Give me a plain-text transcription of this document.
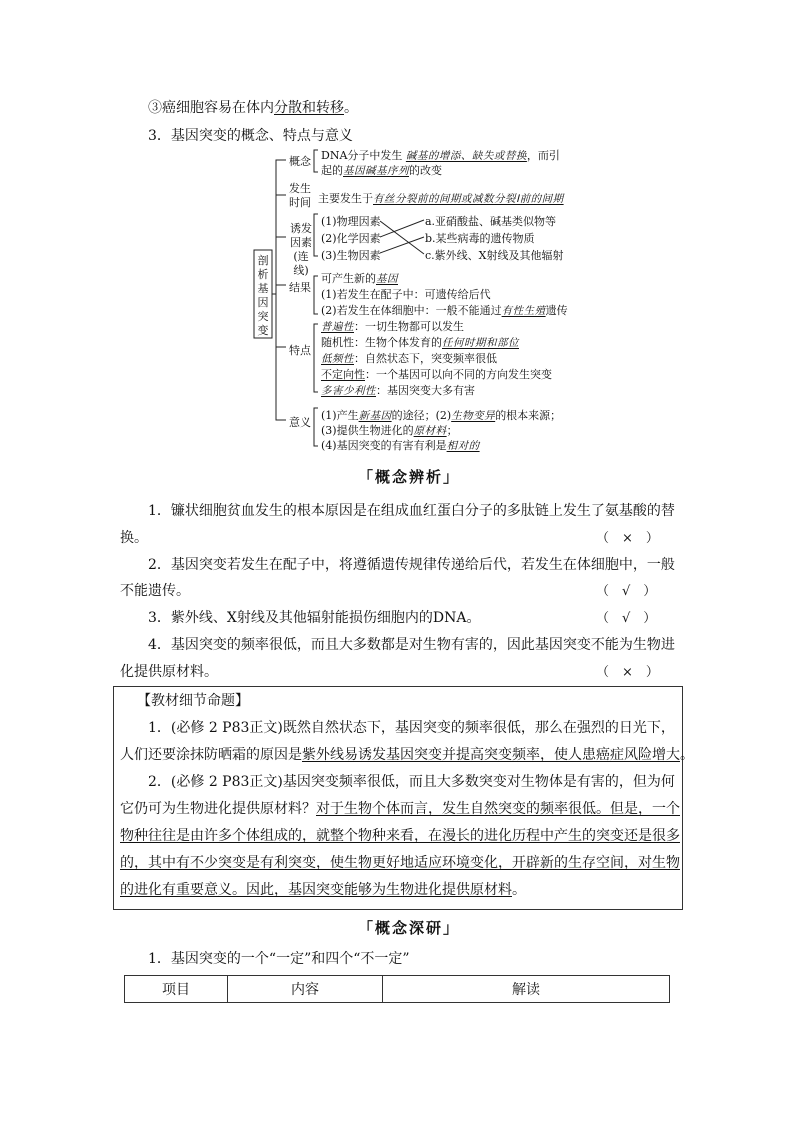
③癌细胞容易在体内分散和转移。
3．基因突变的概念、特点与意义
剖析基因突变
概念 DNA分子中发生 碱基的增添、缺失或替换，而引
起的基因碱基序列的改变
发生时间 主要发生于有丝分裂前的间期或减数分裂Ⅰ前的间期
诱发因素(连线)
(1)物理因素
(2)化学因素
(3)生物因素
a.亚硝酸盐、碱基类似物等
b.某些病毒的遗传物质
c.紫外线、X射线及其他辐射
结果
可产生新的基因
(1)若发生在配子中：可遗传给后代
(2)若发生在体细胞中：一般不能通过有性生殖遗传
特点
普遍性：一切生物都可以发生
随机性：生物个体发育的任何时期和部位
低频性：自然状态下，突变频率很低
不定向性：一个基因可以向不同的方向发生突变
多害少利性：基因突变大多有害
意义
(1)产生新基因的途径；(2)生物变异的根本来源；
(3)提供生物进化的原材料；
(4)基因突变的有害有利是相对的
「概念辨析」
1．镰状细胞贫血发生的根本原因是在组成血红蛋白分子的多肽链上发生了氨基酸的替
换。	（　×　）
2．基因突变若发生在配子中，将遵循遗传规律传递给后代，若发生在体细胞中，一般
不能遗传。	（　√　）
3．紫外线、X射线及其他辐射能损伤细胞内的DNA。	（　√　）
4．基因突变的频率很低，而且大多数都是对生物有害的，因此基因突变不能为生物进
化提供原材料。	（　×　）
【教材细节命题】
1．(必修 2 P83正文)既然自然状态下，基因突变的频率很低，那么在强烈的日光下，
人们还要涂抹防晒霜的原因是紫外线易诱发基因突变并提高突变频率，使人患癌症风险增大。
2．(必修 2 P83正文)基因突变频率很低，而且大多数突变对生物体是有害的，但为何
它仍可为生物进化提供原材料？对于生物个体而言，发生自然突变的频率很低。但是，一个
物种往往是由许多个体组成的，就整个物种来看，在漫长的进化历程中产生的突变还是很多
的，其中有不少突变是有利突变，使生物更好地适应环境变化，开辟新的生存空间，对生物
的进化有重要意义。因此，基因突变能够为生物进化提供原材料。
「概念深研」
1．基因突变的一个“一定”和四个“不一定”
项目	内容	解读
